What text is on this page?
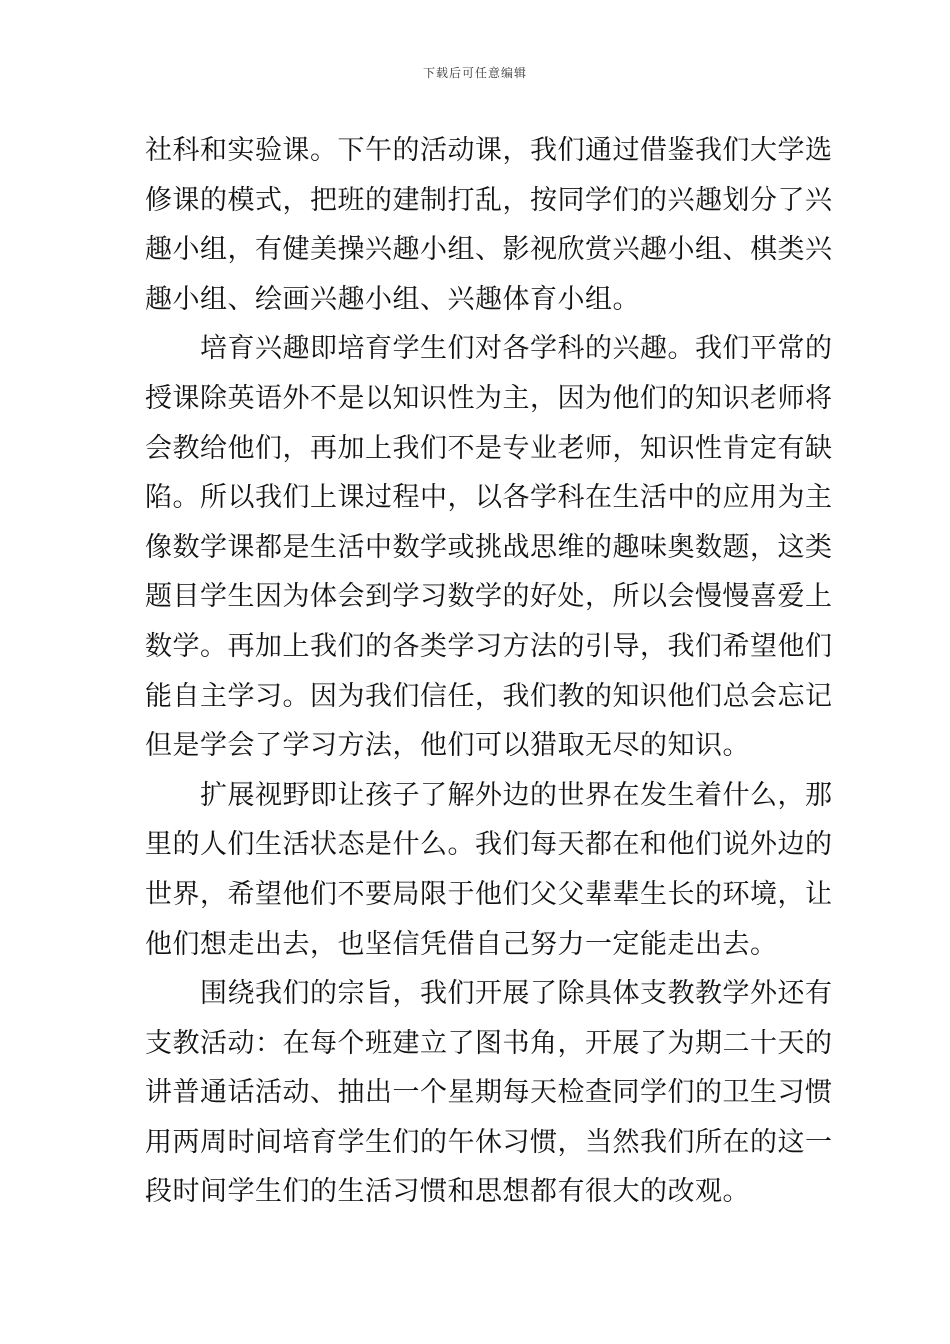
下载后可任意编辑
社科和实验课。下午的活动课，我们通过借鉴我们大学选
修课的模式，把班的建制打乱，按同学们的兴趣划分了兴
趣小组，有健美操兴趣小组、影视欣赏兴趣小组、棋类兴
趣小组、绘画兴趣小组、兴趣体育小组。
培育兴趣即培育学生们对各学科的兴趣。我们平常的
授课除英语外不是以知识性为主，因为他们的知识老师将
会教给他们，再加上我们不是专业老师，知识性肯定有缺
陷。所以我们上课过程中，以各学科在生活中的应用为主
像数学课都是生活中数学或挑战思维的趣味奥数题，这类
题目学生因为体会到学习数学的好处，所以会慢慢喜爱上
数学。再加上我们的各类学习方法的引导，我们希望他们
能自主学习。因为我们信任，我们教的知识他们总会忘记
但是学会了学习方法，他们可以猎取无尽的知识。
扩展视野即让孩子了解外边的世界在发生着什么，那
里的人们生活状态是什么。我们每天都在和他们说外边的
世界，希望他们不要局限于他们父父辈辈生长的环境，让
他们想走出去，也坚信凭借自己努力一定能走出去。
围绕我们的宗旨，我们开展了除具体支教教学外还有
支教活动：在每个班建立了图书角，开展了为期二十天的
讲普通话活动、抽出一个星期每天检查同学们的卫生习惯
用两周时间培育学生们的午休习惯，当然我们所在的这一
段时间学生们的生活习惯和思想都有很大的改观。
